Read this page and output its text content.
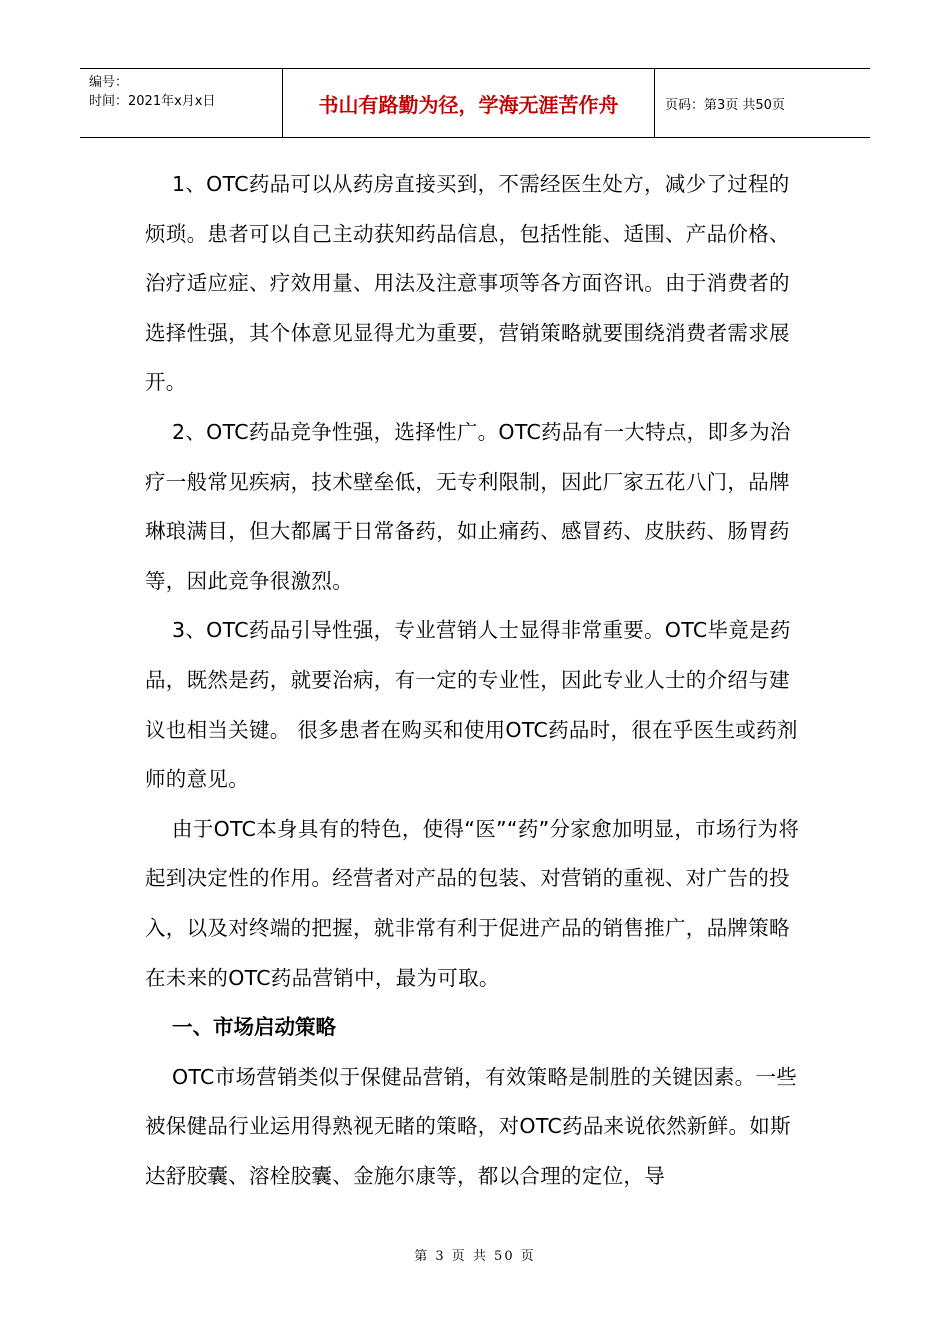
编号：
时间：2021年x月x日	书山有路勤为径，学海无涯苦作舟	页码：第3页 共50页

1、OTC药品可以从药房直接买到，不需经医生处方，减少了过程的烦琐。患者可以自己主动获知药品信息，包括性能、适围、产品价格、治疗适应症、疗效用量、用法及注意事项等各方面咨讯。由于消费者的选择性强，其个体意见显得尤为重要，营销策略就要围绕消费者需求展开。

2、OTC药品竞争性强，选择性广。OTC药品有一大特点，即多为治疗一般常见疾病，技术壁垒低，无专利限制，因此厂家五花八门，品牌琳琅满目，但大都属于日常备药，如止痛药、感冒药、皮肤药、肠胃药等，因此竞争很激烈。

3、OTC药品引导性强，专业营销人士显得非常重要。OTC毕竟是药品，既然是药，就要治病，有一定的专业性，因此专业人士的介绍与建议也相当关键。 很多患者在购买和使用OTC药品时，很在乎医生或药剂师的意见。

由于OTC本身具有的特色，使得“医”“药”分家愈加明显，市场行为将起到决定性的作用。经营者对产品的包装、对营销的重视、对广告的投入，以及对终端的把握，就非常有利于促进产品的销售推广，品牌策略在未来的OTC药品营销中，最为可取。

一、市场启动策略

OTC市场营销类似于保健品营销，有效策略是制胜的关键因素。一些被保健品行业运用得熟视无睹的策略，对OTC药品来说依然新鲜。如斯达舒胶囊、溶栓胶囊、金施尔康等，都以合理的定位，导

第 3 页 共 50 页
